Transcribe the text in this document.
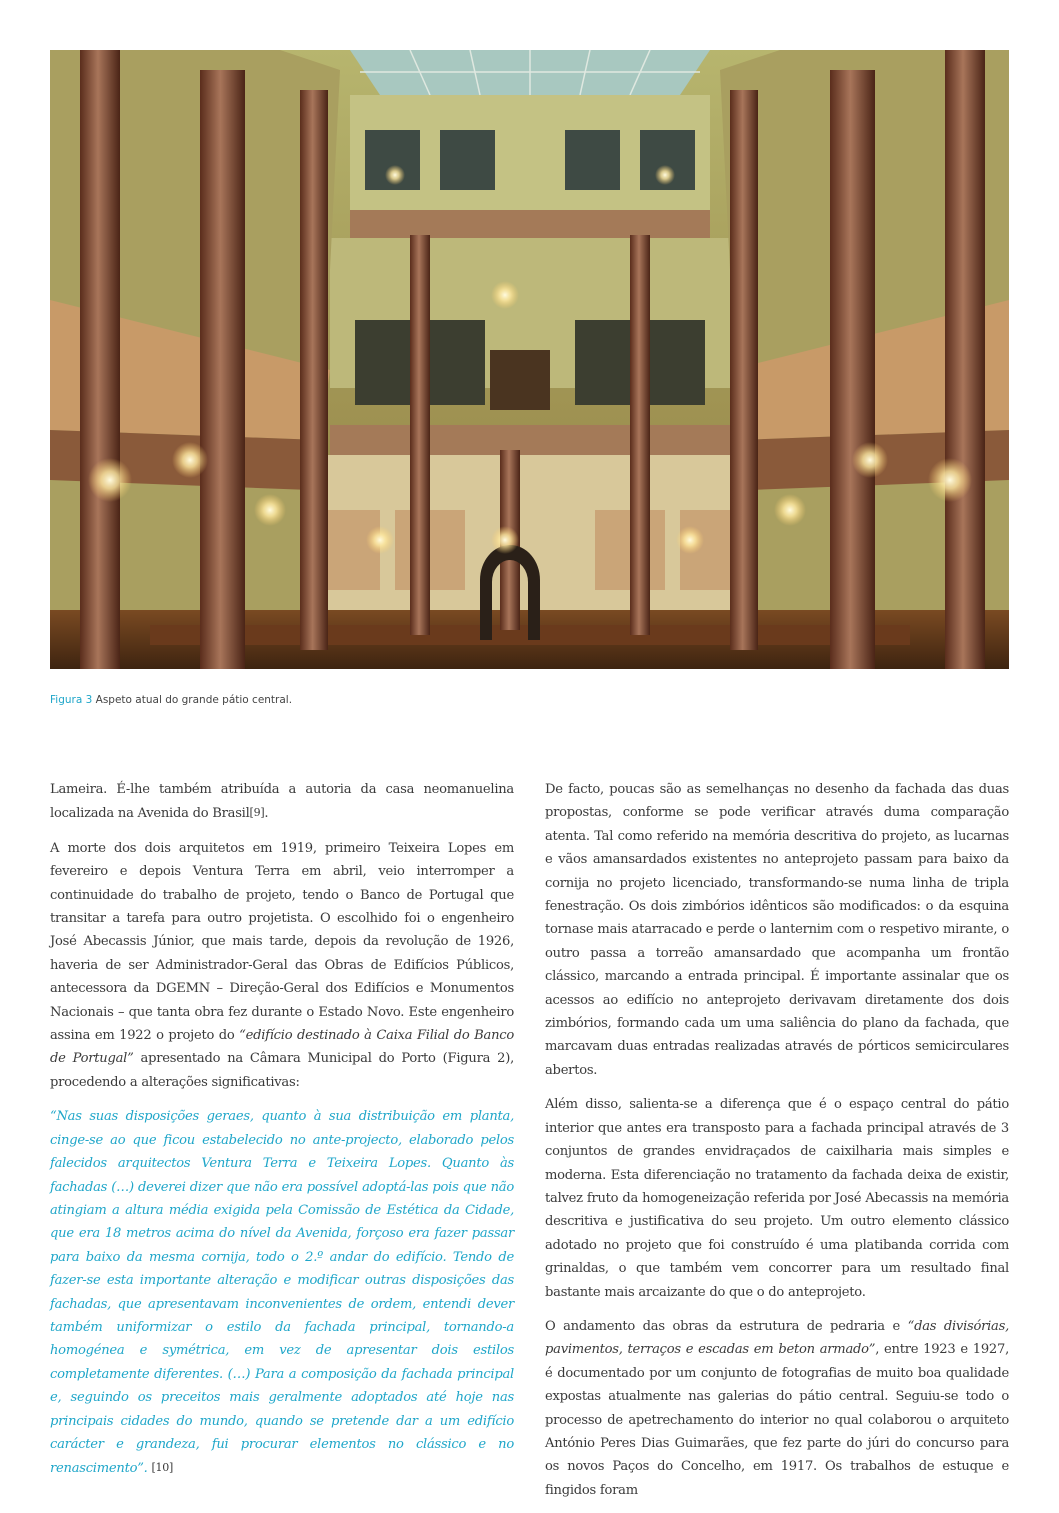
Figura 3 Aspeto atual do grande pátio central.

Lameira. É-lhe também atribuída a autoria da casa neomanuelina localizada na Avenida do Brasil[9].

A morte dos dois arquitetos em 1919, primeiro Teixeira Lopes em fevereiro e depois Ventura Terra em abril, veio interromper a continuidade do trabalho de projeto, tendo o Banco de Portugal que transitar a tarefa para outro projetista. O escolhido foi o engenheiro José Abecassis Júnior, que mais tarde, depois da revolução de 1926, haveria de ser Administrador-Geral das Obras de Edifícios Públicos, antecessora da DGEMN – Direção-Geral dos Edifícios e Monumentos Nacionais – que tanta obra fez durante o Estado Novo. Este engenheiro assina em 1922 o projeto do “edifício destinado à Caixa Filial do Banco de Portugal” apresentado na Câmara Municipal do Porto (Figura 2), procedendo a alterações significativas:

“Nas suas disposições geraes, quanto à sua distribuição em planta, cinge-se ao que ficou estabelecido no ante-projecto, elaborado pelos falecidos arquitectos Ventura Terra e Teixeira Lopes. Quanto às fachadas (…) deverei dizer que não era possível adoptá-las pois que não atingiam a altura média exigida pela Comissão de Estética da Cidade, que era 18 metros acima do nível da Avenida, forçoso era fazer passar para baixo da mesma cornija, todo o 2.º andar do edifício. Tendo de fazer-se esta importante alteração e modificar outras disposições das fachadas, que apresentavam inconvenientes de ordem, entendi dever também uniformizar o estilo da fachada principal, tornando-a homogénea e symétrica, em vez de apresentar dois estilos completamente diferentes. (…) Para a composição da fachada principal e, seguindo os preceitos mais geralmente adoptados até hoje nas principais cidades do mundo, quando se pretende dar a um edifício carácter e grandeza, fui procurar elementos no clássico e no renascimento”. [10]

De facto, poucas são as semelhanças no desenho da fachada das duas propostas, conforme se pode verificar através duma comparação atenta. Tal como referido na memória descritiva do projeto, as lucarnas e vãos amansardados existentes no anteprojeto passam para baixo da cornija no projeto licenciado, transformando-se numa linha de tripla fenestração. Os dois zimbórios idênticos são modificados: o da esquina tornase mais atarracado e perde o lanternim com o respetivo mirante, o outro passa a torreão amansardado que acompanha um frontão clássico, marcando a entrada principal. É importante assinalar que os acessos ao edifício no anteprojeto derivavam diretamente dos dois zimbórios, formando cada um uma saliência do plano da fachada, que marcavam duas entradas realizadas através de pórticos semicirculares abertos.

Além disso, salienta-se a diferença que é o espaço central do pátio interior que antes era transposto para a fachada principal através de 3 conjuntos de grandes envidraçados de caixilharia mais simples e moderna. Esta diferenciação no tratamento da fachada deixa de existir, talvez fruto da homogeneização referida por José Abecassis na memória descritiva e justificativa do seu projeto. Um outro elemento clássico adotado no projeto que foi construído é uma platibanda corrida com grinaldas, o que também vem concorrer para um resultado final bastante mais arcaizante do que o do anteprojeto.

O andamento das obras da estrutura de pedraria e “das divisórias, pavimentos, terraços e escadas em beton armado”, entre 1923 e 1927, é documentado por um conjunto de fotografias de muito boa qualidade expostas atualmente nas galerias do pátio central. Seguiu-se todo o processo de apetrechamento do interior no qual colaborou o arquiteto António Peres Dias Guimarães, que fez parte do júri do concurso para os novos Paços do Concelho, em 1917. Os trabalhos de estuque e fingidos foram
